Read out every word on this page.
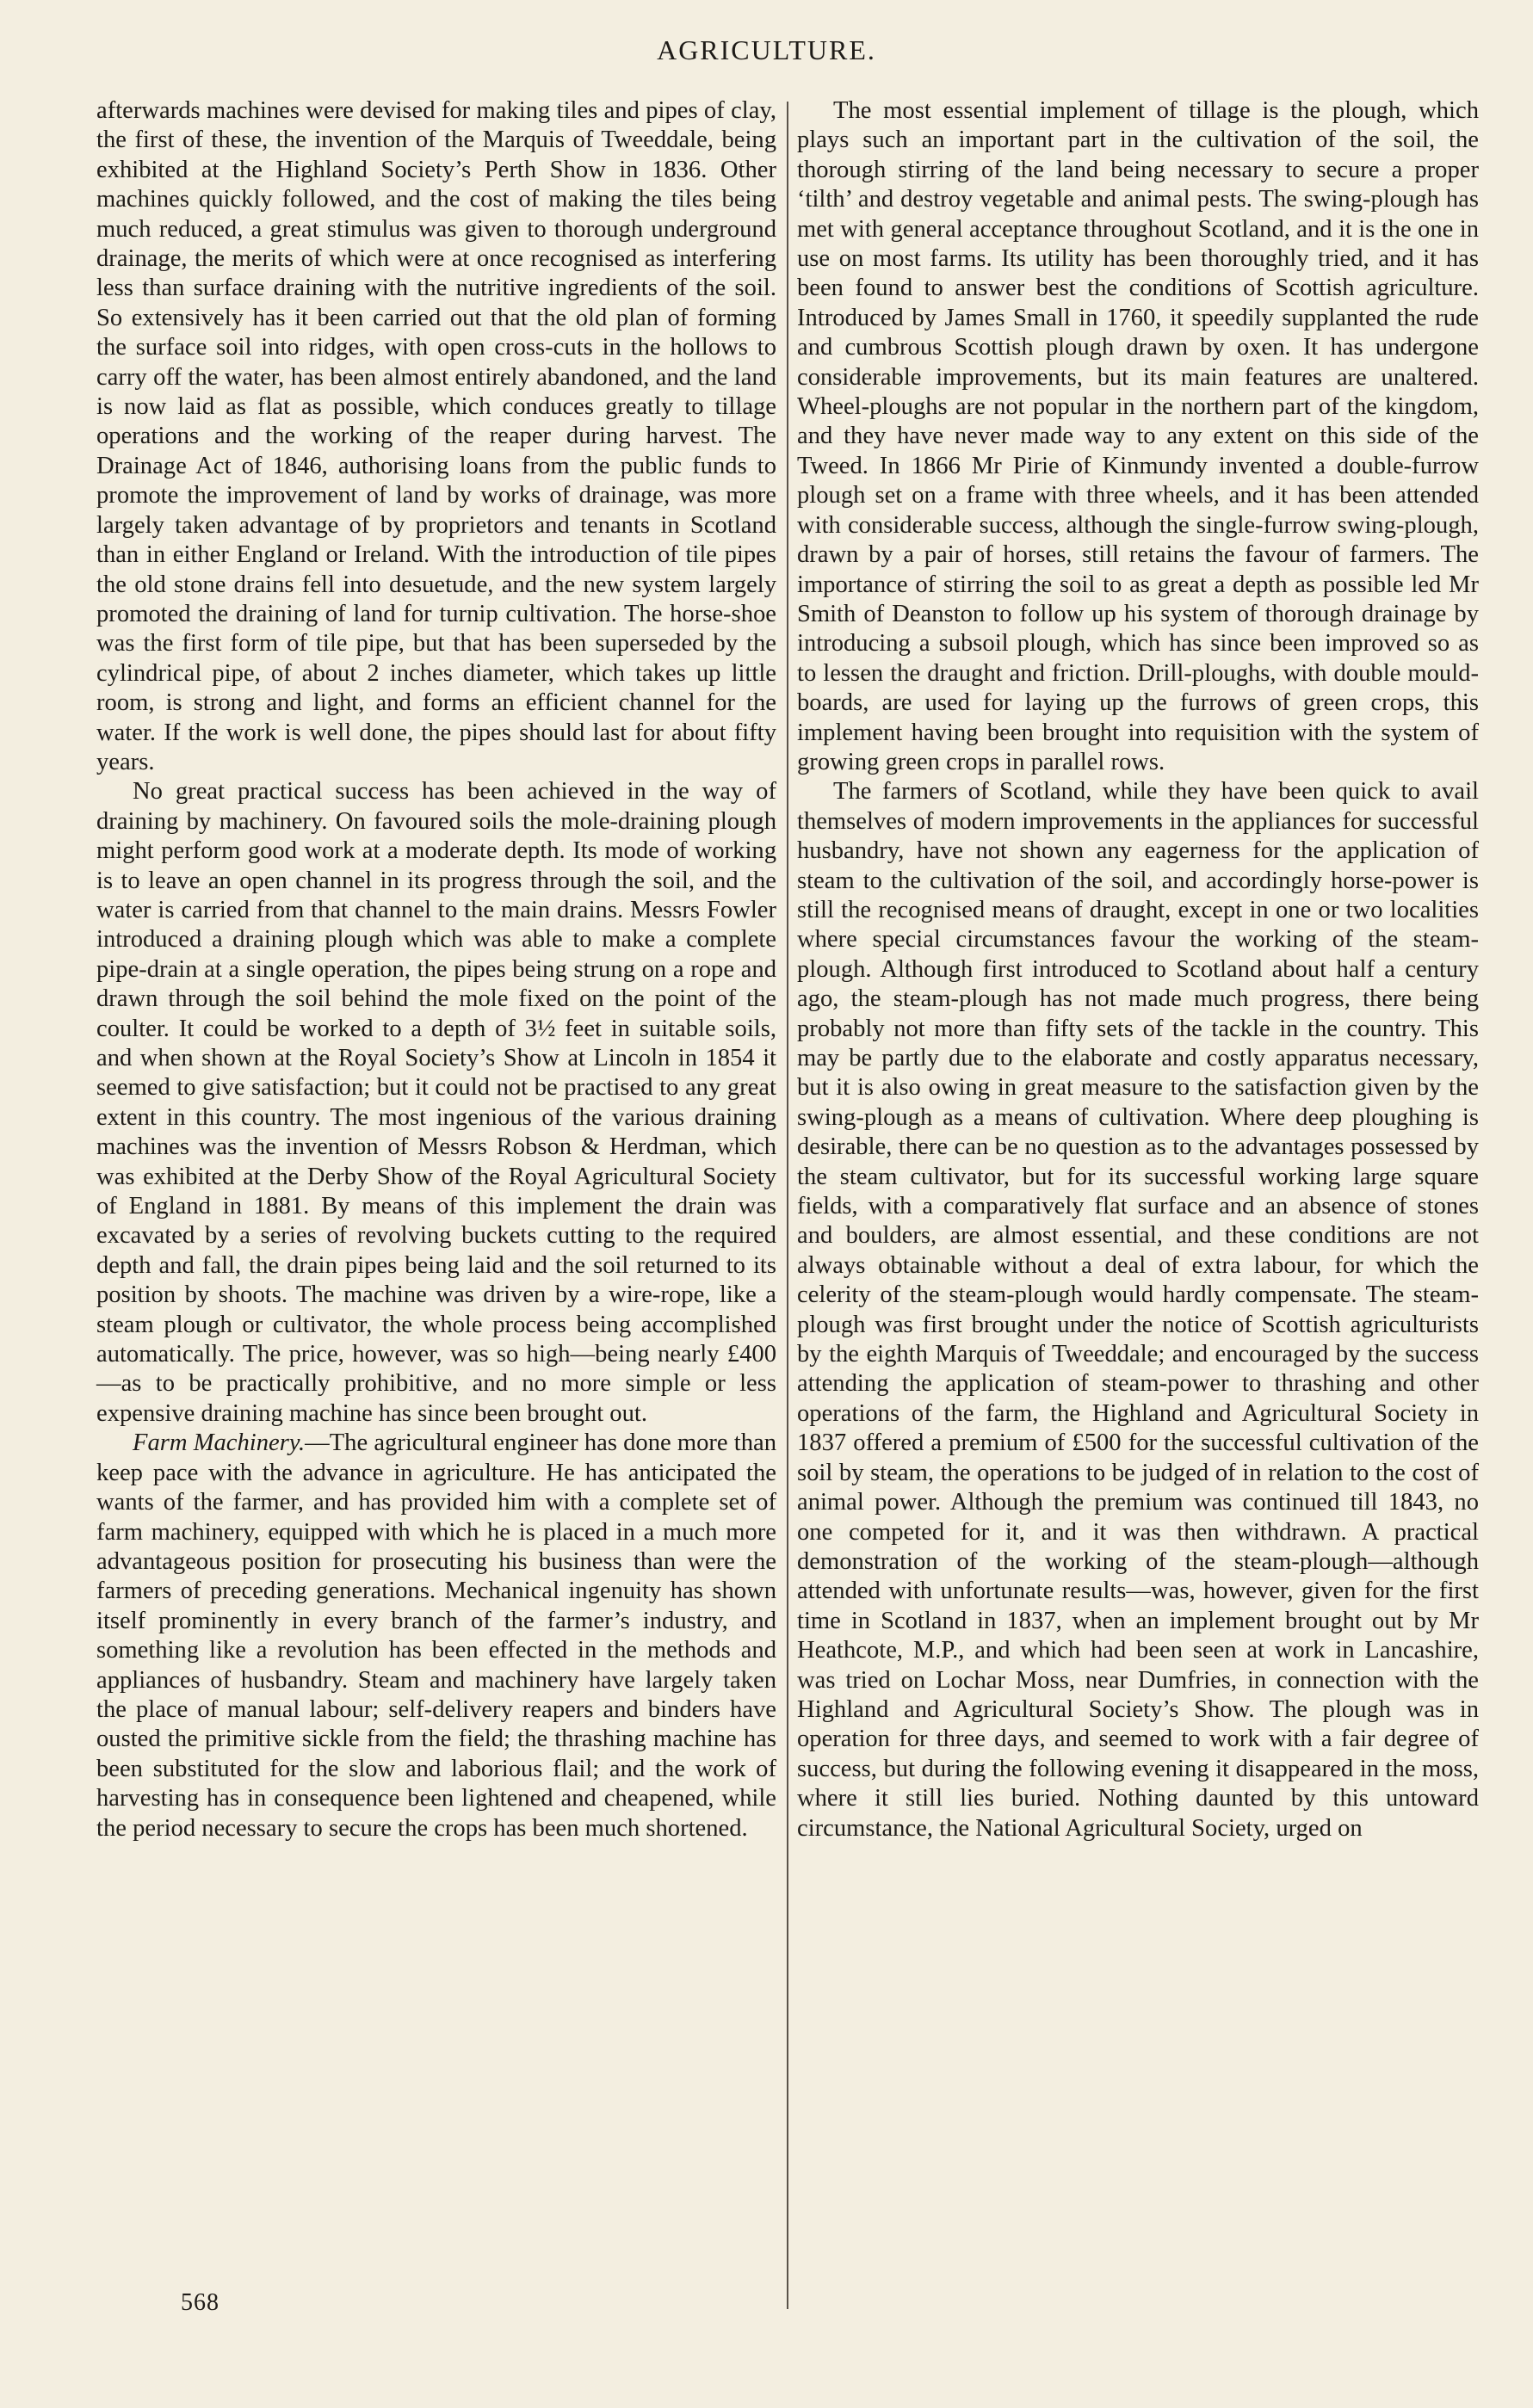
AGRICULTURE.

afterwards machines were devised for making tiles and pipes of clay, the first of these, the invention of the Marquis of Tweeddale, being exhibited at the Highland Society’s Perth Show in 1836. Other machines quickly followed, and the cost of making the tiles being much reduced, a great stimulus was given to thorough underground drainage, the merits of which were at once recognised as interfering less than surface draining with the nutritive ingredients of the soil. So extensively has it been carried out that the old plan of forming the surface soil into ridges, with open cross-cuts in the hollows to carry off the water, has been almost entirely abandoned, and the land is now laid as flat as possible, which conduces greatly to tillage operations and the working of the reaper during harvest. The Drainage Act of 1846, authorising loans from the public funds to promote the improvement of land by works of drainage, was more largely taken advantage of by proprietors and tenants in Scotland than in either England or Ireland. With the introduction of tile pipes the old stone drains fell into desuetude, and the new system largely promoted the draining of land for turnip cultivation. The horse-shoe was the first form of tile pipe, but that has been superseded by the cylindrical pipe, of about 2 inches diameter, which takes up little room, is strong and light, and forms an efficient channel for the water. If the work is well done, the pipes should last for about fifty years.

No great practical success has been achieved in the way of draining by machinery. On favoured soils the mole-draining plough might perform good work at a moderate depth. Its mode of working is to leave an open channel in its progress through the soil, and the water is carried from that channel to the main drains. Messrs Fowler introduced a draining plough which was able to make a complete pipe-drain at a single operation, the pipes being strung on a rope and drawn through the soil behind the mole fixed on the point of the coulter. It could be worked to a depth of 3½ feet in suitable soils, and when shown at the Royal Society’s Show at Lincoln in 1854 it seemed to give satisfaction; but it could not be practised to any great extent in this country. The most ingenious of the various draining machines was the invention of Messrs Robson & Herdman, which was exhibited at the Derby Show of the Royal Agricultural Society of England in 1881. By means of this implement the drain was excavated by a series of revolving buckets cutting to the required depth and fall, the drain pipes being laid and the soil returned to its position by shoots. The machine was driven by a wire-rope, like a steam plough or cultivator, the whole process being accomplished automatically. The price, however, was so high—being nearly £400—as to be practically prohibitive, and no more simple or less expensive draining machine has since been brought out.

Farm Machinery.—The agricultural engineer has done more than keep pace with the advance in agriculture. He has anticipated the wants of the farmer, and has provided him with a complete set of farm machinery, equipped with which he is placed in a much more advantageous position for prosecuting his business than were the farmers of preceding generations. Mechanical ingenuity has shown itself prominently in every branch of the farmer’s industry, and something like a revolution has been effected in the methods and appliances of husbandry. Steam and machinery have largely taken the place of manual labour; self-delivery reapers and binders have ousted the primitive sickle from the field; the thrashing machine has been substituted for the slow and laborious flail; and the work of harvesting has in consequence been lightened and cheapened, while the period necessary to secure the crops has been much shortened.

The most essential implement of tillage is the plough, which plays such an important part in the cultivation of the soil, the thorough stirring of the land being necessary to secure a proper ‘tilth’ and destroy vegetable and animal pests. The swing-plough has met with general acceptance throughout Scotland, and it is the one in use on most farms. Its utility has been thoroughly tried, and it has been found to answer best the conditions of Scottish agriculture. Introduced by James Small in 1760, it speedily supplanted the rude and cumbrous Scottish plough drawn by oxen. It has undergone considerable improvements, but its main features are unaltered. Wheel-ploughs are not popular in the northern part of the kingdom, and they have never made way to any extent on this side of the Tweed. In 1866 Mr Pirie of Kinmundy invented a double-furrow plough set on a frame with three wheels, and it has been attended with considerable success, although the single-furrow swing-plough, drawn by a pair of horses, still retains the favour of farmers. The importance of stirring the soil to as great a depth as possible led Mr Smith of Deanston to follow up his system of thorough drainage by introducing a subsoil plough, which has since been improved so as to lessen the draught and friction. Drill-ploughs, with double mould-boards, are used for laying up the furrows of green crops, this implement having been brought into requisition with the system of growing green crops in parallel rows.

The farmers of Scotland, while they have been quick to avail themselves of modern improvements in the appliances for successful husbandry, have not shown any eagerness for the application of steam to the cultivation of the soil, and accordingly horse-power is still the recognised means of draught, except in one or two localities where special circumstances favour the working of the steam-plough. Although first introduced to Scotland about half a century ago, the steam-plough has not made much progress, there being probably not more than fifty sets of the tackle in the country. This may be partly due to the elaborate and costly apparatus necessary, but it is also owing in great measure to the satisfaction given by the swing-plough as a means of cultivation. Where deep ploughing is desirable, there can be no question as to the advantages possessed by the steam cultivator, but for its successful working large square fields, with a comparatively flat surface and an absence of stones and boulders, are almost essential, and these conditions are not always obtainable without a deal of extra labour, for which the celerity of the steam-plough would hardly compensate. The steam-plough was first brought under the notice of Scottish agriculturists by the eighth Marquis of Tweeddale; and encouraged by the success attending the application of steam-power to thrashing and other operations of the farm, the Highland and Agricultural Society in 1837 offered a premium of £500 for the successful cultivation of the soil by steam, the operations to be judged of in relation to the cost of animal power. Although the premium was continued till 1843, no one competed for it, and it was then withdrawn. A practical demonstration of the working of the steam-plough—although attended with unfortunate results—was, however, given for the first time in Scotland in 1837, when an implement brought out by Mr Heathcote, M.P., and which had been seen at work in Lancashire, was tried on Lochar Moss, near Dumfries, in connection with the Highland and Agricultural Society’s Show. The plough was in operation for three days, and seemed to work with a fair degree of success, but during the following evening it disappeared in the moss, where it still lies buried. Nothing daunted by this untoward circumstance, the National Agricultural Society, urged on

568
